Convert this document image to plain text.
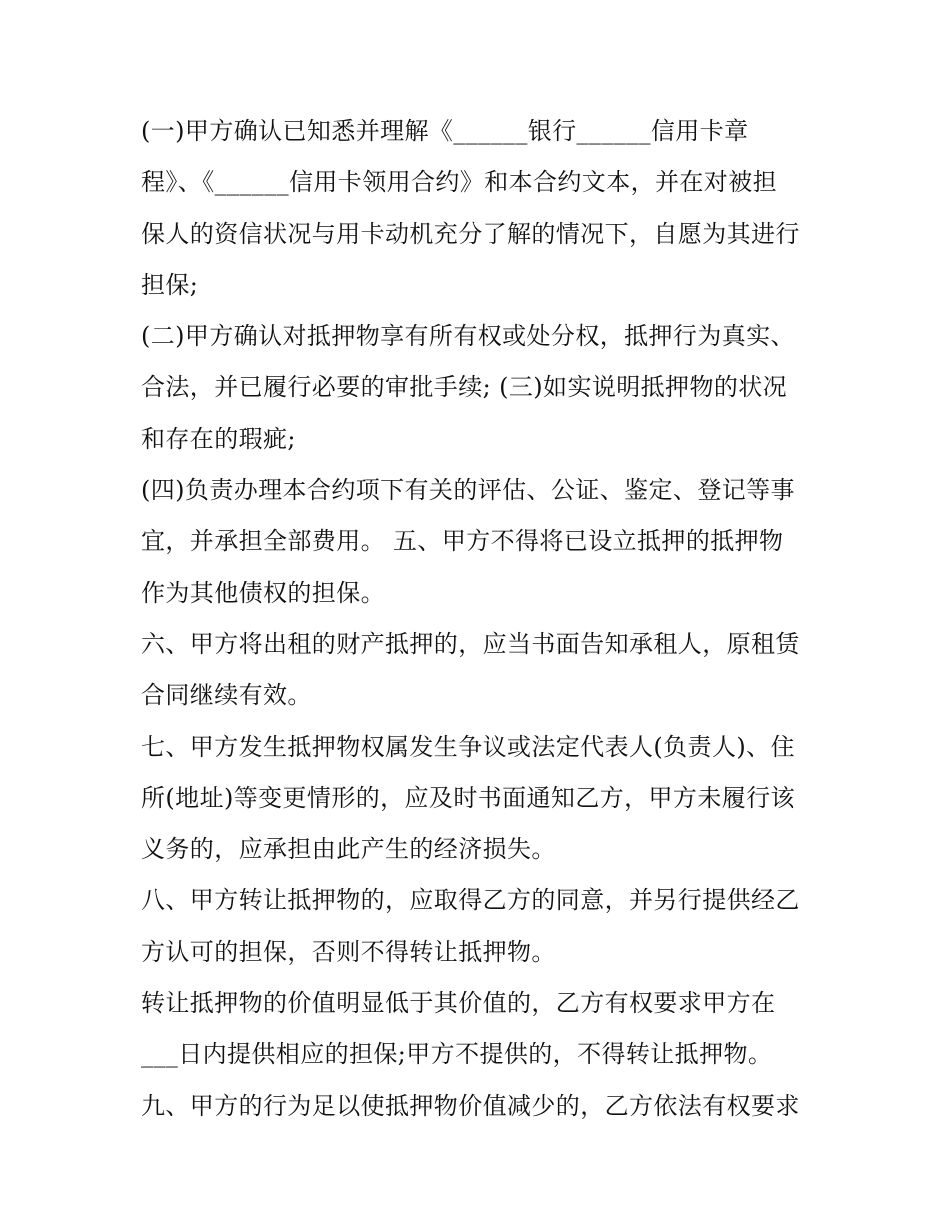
(一)甲方确认已知悉并理解《______银行______信用卡章
程》、《______信用卡领用合约》和本合约文本，并在对被担
保人的资信状况与用卡动机充分了解的情况下，自愿为其进行
担保;
(二)甲方确认对抵押物享有所有权或处分权，抵押行为真实、
合法，并已履行必要的审批手续; (三)如实说明抵押物的状况
和存在的瑕疵;
(四)负责办理本合约项下有关的评估、公证、鉴定、登记等事
宜，并承担全部费用。 五、甲方不得将已设立抵押的抵押物
作为其他债权的担保。
六、甲方将出租的财产抵押的，应当书面告知承租人，原租赁
合同继续有效。
七、甲方发生抵押物权属发生争议或法定代表人(负责人)、住
所(地址)等变更情形的，应及时书面通知乙方，甲方未履行该
义务的，应承担由此产生的经济损失。
八、甲方转让抵押物的，应取得乙方的同意，并另行提供经乙
方认可的担保，否则不得转让抵押物。
转让抵押物的价值明显低于其价值的，乙方有权要求甲方在
___日内提供相应的担保;甲方不提供的，不得转让抵押物。
九、甲方的行为足以使抵押物价值减少的，乙方依法有权要求
